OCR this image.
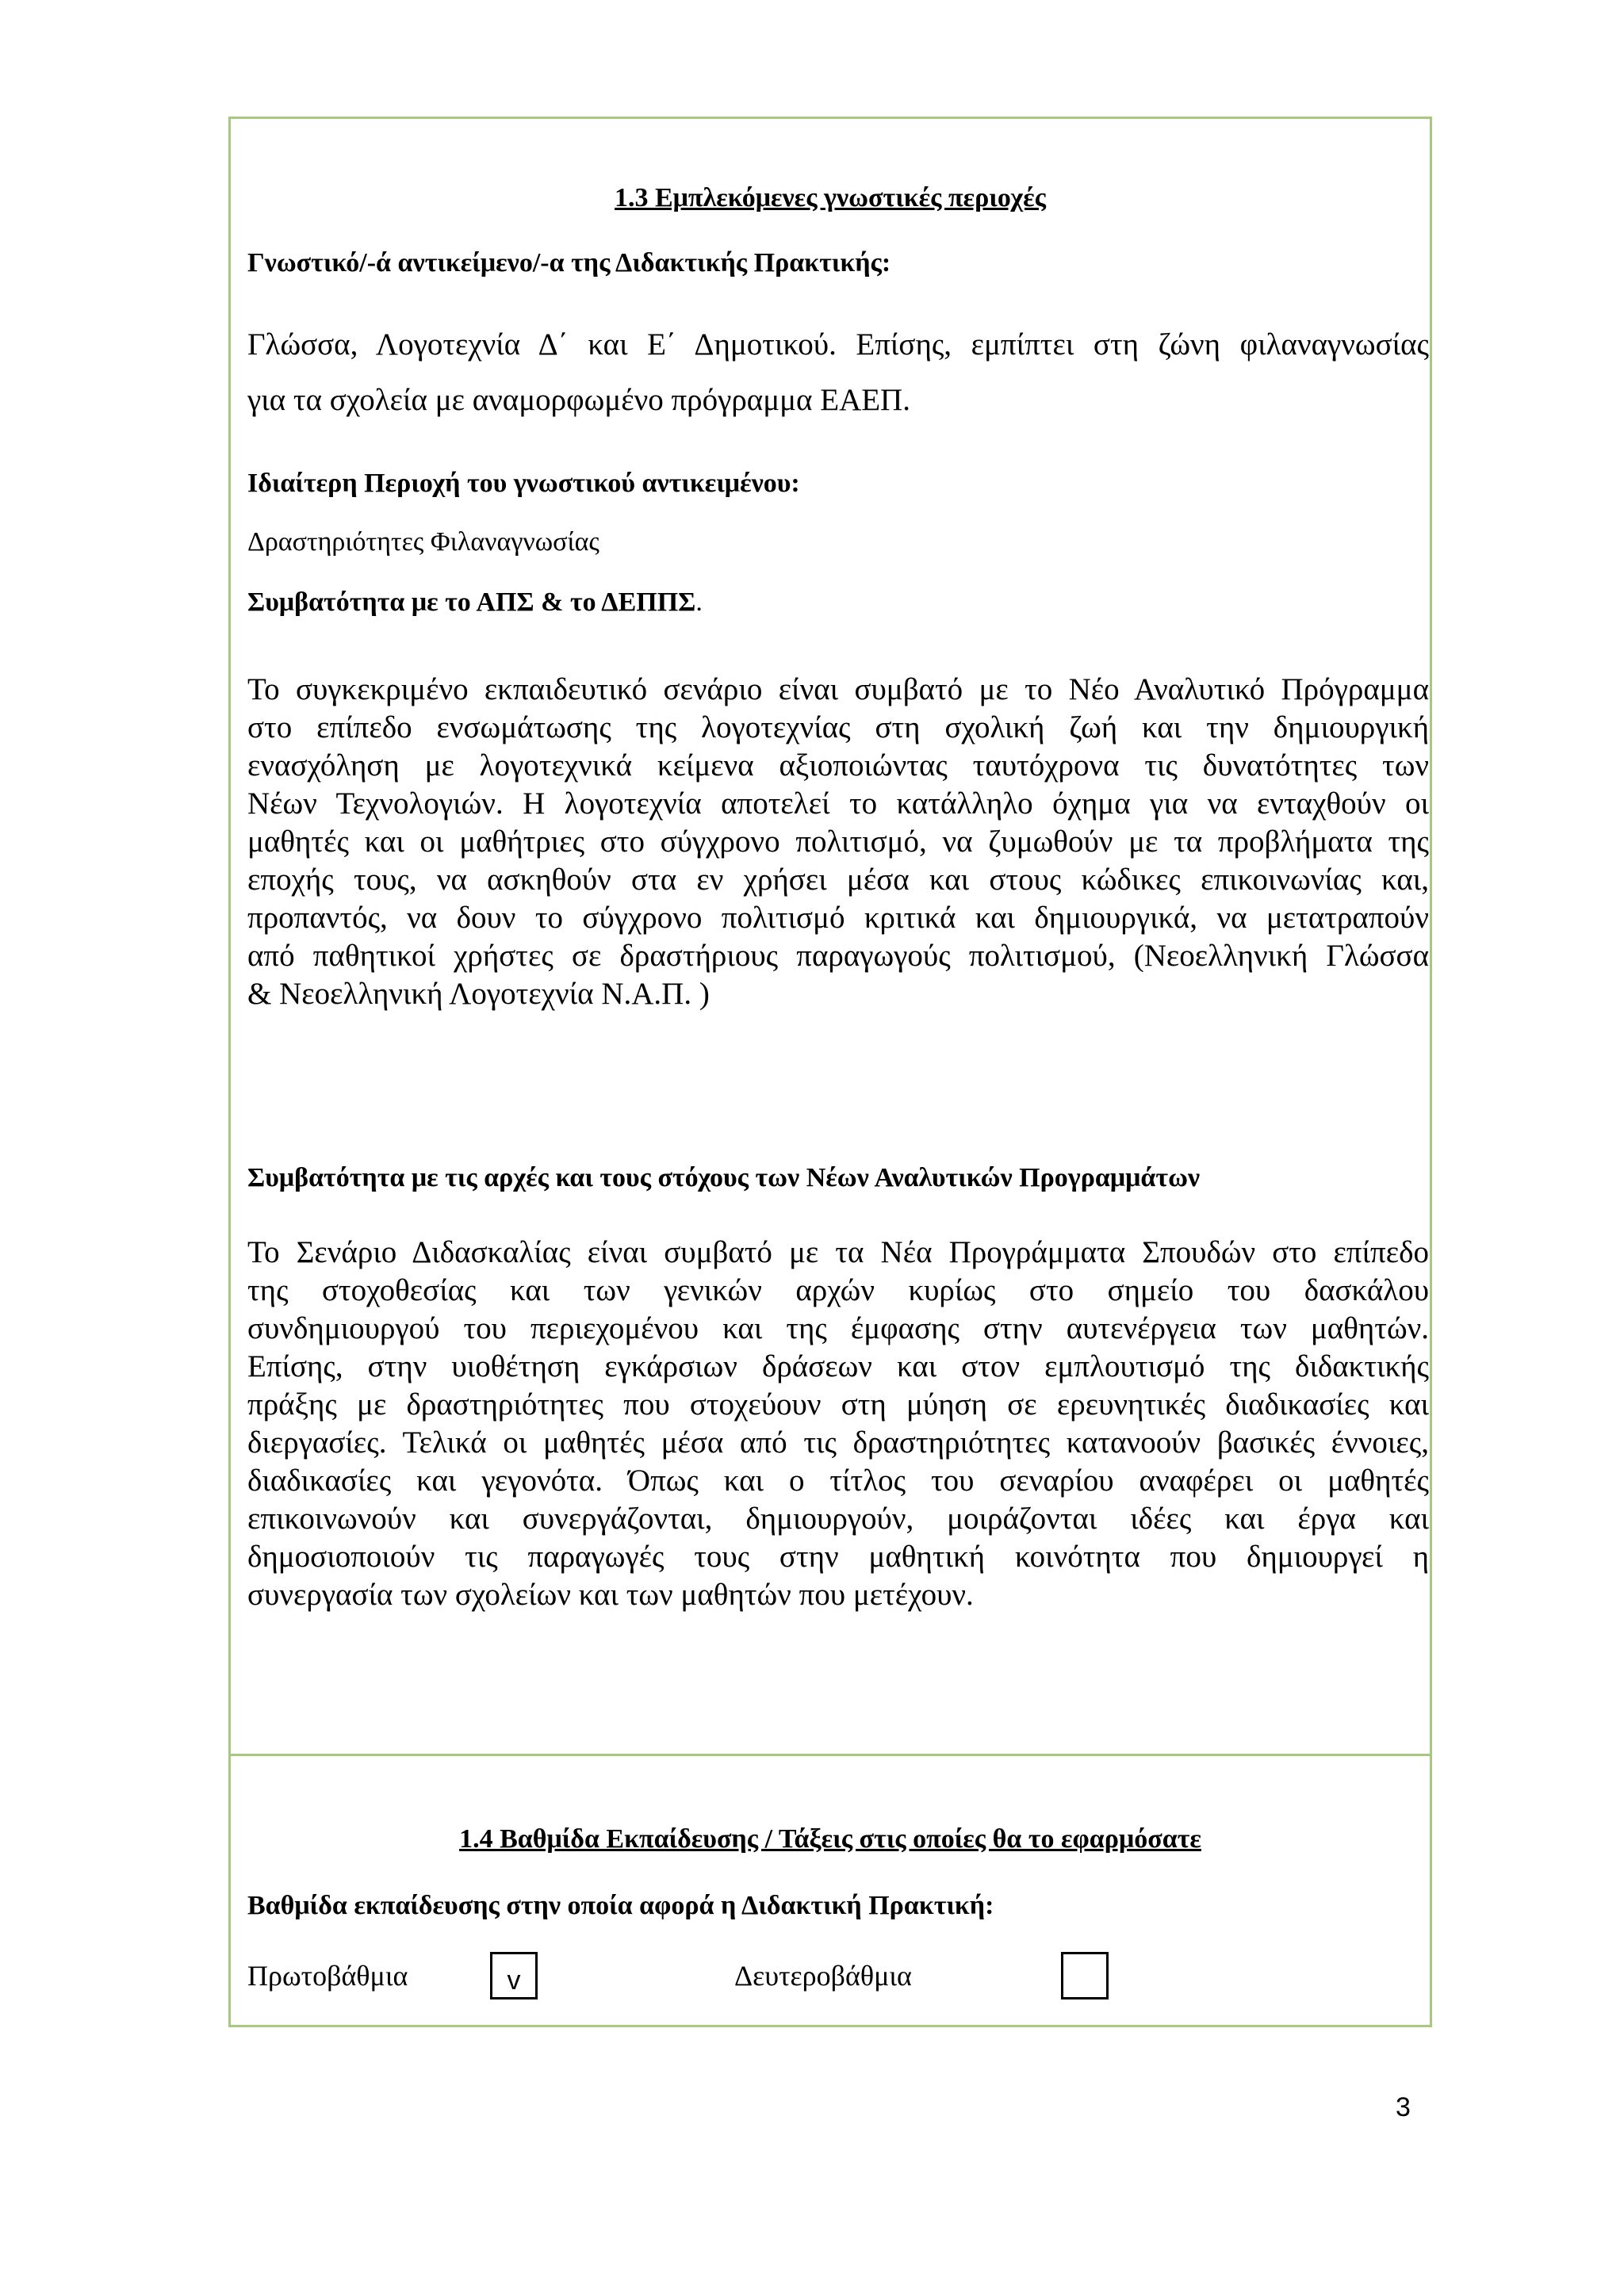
1.3 Εμπλεκόμενες γνωστικές περιοχές
Γνωστικό/-ά αντικείμενο/-α της Διδακτικής Πρακτικής:
Γλώσσα, Λογοτεχνία Δ΄ και Ε΄ Δημοτικού. Επίσης, εμπίπτει στη ζώνη φιλαναγνωσίας
για τα σχολεία με αναμορφωμένο πρόγραμμα ΕΑΕΠ.
Ιδιαίτερη Περιοχή του γνωστικού αντικειμένου:
Δραστηριότητες Φιλαναγνωσίας
Συμβατότητα με το ΑΠΣ & το ΔΕΠΠΣ.
Το συγκεκριμένο εκπαιδευτικό σενάριο είναι συμβατό με το Νέο Αναλυτικό Πρόγραμμα
στο επίπεδο ενσωμάτωσης της λογοτεχνίας στη σχολική ζωή και την δημιουργική
ενασχόληση με λογοτεχνικά κείμενα αξιοποιώντας ταυτόχρονα τις δυνατότητες των
Νέων Τεχνολογιών. Η λογοτεχνία αποτελεί το κατάλληλο όχημα για να ενταχθούν οι
μαθητές και οι μαθήτριες στο σύγχρονο πολιτισμό, να ζυμωθούν με τα προβλήματα της
εποχής τους, να ασκηθούν στα εν χρήσει μέσα και στους κώδικες επικοινωνίας και,
προπαντός, να δουν το σύγχρονο πολιτισμό κριτικά και δημιουργικά, να μετατραπούν
από παθητικοί χρήστες σε δραστήριους παραγωγούς πολιτισμού, (Νεοελληνική Γλώσσα
& Νεοελληνική Λογοτεχνία Ν.Α.Π. )
Συμβατότητα με τις αρχές και τους στόχους των Νέων Αναλυτικών Προγραμμάτων
Το Σενάριο Διδασκαλίας είναι συμβατό με τα Νέα Προγράμματα Σπουδών στο επίπεδο
της στοχοθεσίας και των γενικών αρχών κυρίως στο σημείο του δασκάλου
συνδημιουργού του περιεχομένου και της έμφασης στην αυτενέργεια των μαθητών.
Επίσης, στην υιοθέτηση εγκάρσιων δράσεων και στον εμπλουτισμό της διδακτικής
πράξης με δραστηριότητες που στοχεύουν στη μύηση σε ερευνητικές διαδικασίες και
διεργασίες. Τελικά οι μαθητές μέσα από τις δραστηριότητες κατανοούν βασικές έννοιες,
διαδικασίες και γεγονότα. Όπως και ο τίτλος του σεναρίου αναφέρει οι μαθητές
επικοινωνούν και συνεργάζονται, δημιουργούν, μοιράζονται ιδέες και έργα και
δημοσιοποιούν τις παραγωγές τους στην μαθητική κοινότητα που δημιουργεί η
συνεργασία των σχολείων και των μαθητών που μετέχουν.
1.4 Βαθμίδα Εκπαίδευσης / Τάξεις στις οποίες θα το εφαρμόσατε
Βαθμίδα εκπαίδευσης στην οποία αφορά η Διδακτική Πρακτική:
Πρωτοβάθμια	v	Δευτεροβάθμια
3
